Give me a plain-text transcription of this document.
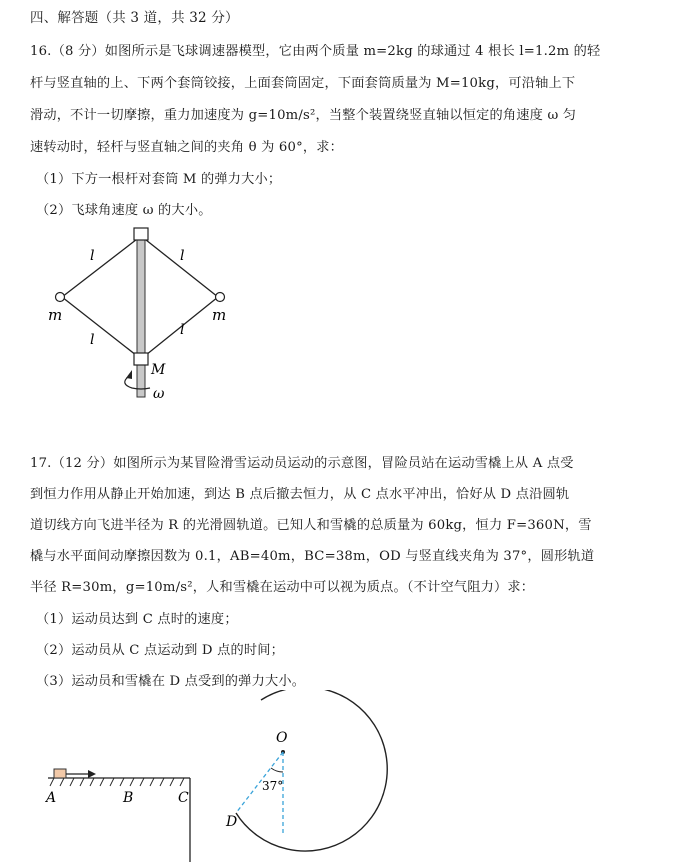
四、解答题（共 3 道，共 32 分）
16.（8 分）如图所示是飞球调速器模型，它由两个质量 m=2kg 的球通过 4 根长 l=1.2m 的轻
杆与竖直轴的上、下两个套筒铰接，上面套筒固定，下面套筒质量为 M=10kg，可沿轴上下
滑动，不计一切摩擦，重力加速度为 g=10m/s²，当整个装置绕竖直轴以恒定的角速度 ω 匀
速转动时，轻杆与竖直轴之间的夹角 θ 为 60°，求：
（1）下方一根杆对套筒 M 的弹力大小；
（2）飞球角速度 ω 的大小。
l	l
l
l
m	m
M
ω
17.（12 分）如图所示为某冒险滑雪运动员运动的示意图，冒险员站在运动雪橇上从 A 点受
到恒力作用从静止开始加速，到达 B 点后撤去恒力，从 C 点水平冲出，恰好从 D 点沿圆轨
道切线方向飞进半径为 R 的光滑圆轨道。已知人和雪橇的总质量为 60kg，恒力 F=360N，雪
橇与水平面间动摩擦因数为 0.1，AB=40m，BC=38m，OD 与竖直线夹角为 37°，圆形轨道
半径 R=30m，g=10m/s²，人和雪橇在运动中可以视为质点。（不计空气阻力）求：
（1）运动员达到 C 点时的速度；
（2）运动员从 C 点运动到 D 点的时间；
（3）运动员和雪橇在 D 点受到的弹力大小。
A	B	C
O
D
37°
